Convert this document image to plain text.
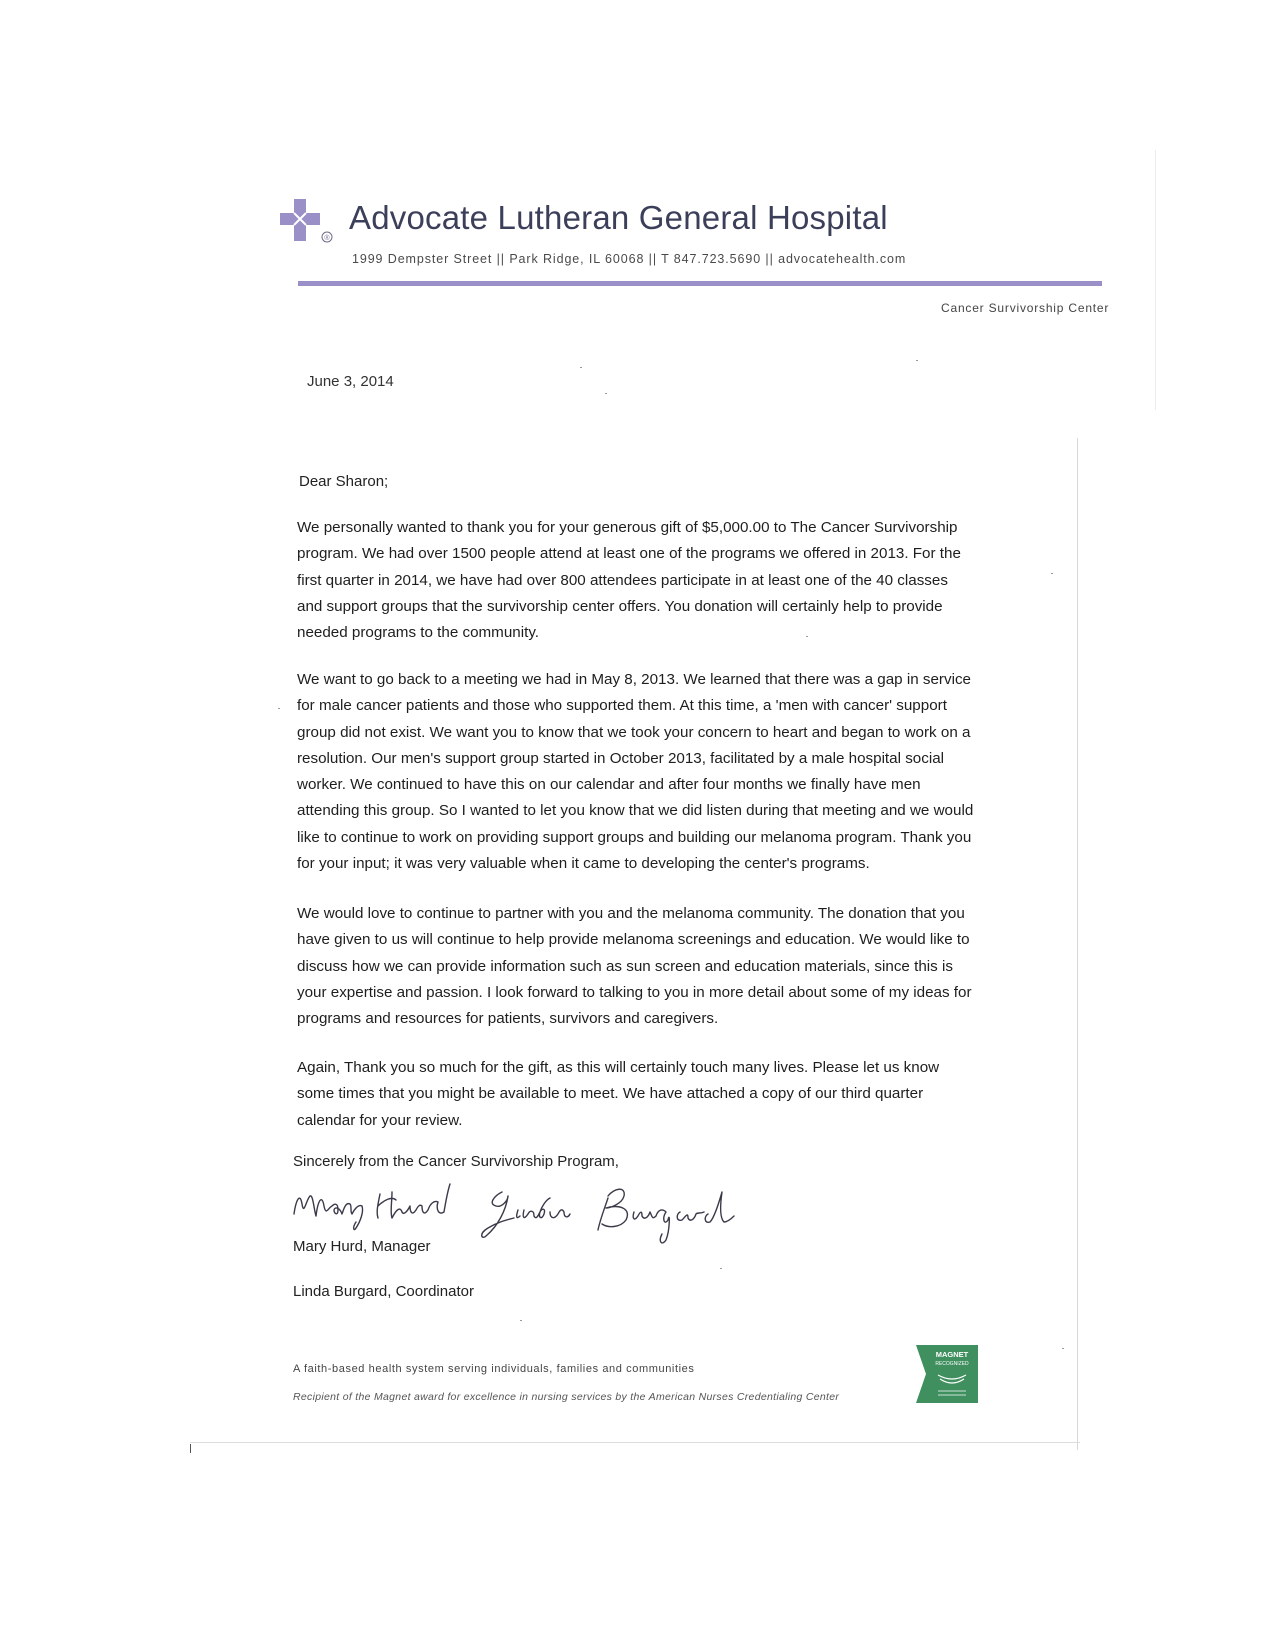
®
Advocate Lutheran General Hospital
1999 Dempster Street || Park Ridge, IL 60068 || T 847.723.5690 || advocatehealth.com
Cancer Survivorship Center
June 3, 2014
Dear Sharon;

We personally wanted to thank you for your generous gift of $5,000.00 to The Cancer Survivorship program. We had over 1500 people attend at least one of the programs we offered in 2013. For the first quarter in 2014, we have had over 800 attendees participate in at least one of the 40 classes and support groups that the survivorship center offers. You donation will certainly help to provide needed programs to the community.

We want to go back to a meeting we had in May 8, 2013. We learned that there was a gap in service for male cancer patients and those who supported them. At this time, a 'men with cancer' support group did not exist. We want you to know that we took your concern to heart and began to work on a resolution. Our men's support group started in October 2013, facilitated by a male hospital social worker. We continued to have this on our calendar and after four months we finally have men attending this group. So I wanted to let you know that we did listen during that meeting and we would like to continue to work on providing support groups and building our melanoma program. Thank you for your input; it was very valuable when it came to developing the center's programs.

We would love to continue to partner with you and the melanoma community. The donation that you have given to us will continue to help provide melanoma screenings and education. We would like to discuss how we can provide information such as sun screen and education materials, since this is your expertise and passion. I look forward to talking to you in more detail about some of my ideas for programs and resources for patients, survivors and caregivers.

Again, Thank you so much for the gift, as this will certainly touch many lives. Please let us know some times that you might be available to meet. We have attached a copy of our third quarter calendar for your review.

Sincerely from the Cancer Survivorship Program,
Mary Hurd, Manager
Linda Burgard, Coordinator
A faith-based health system serving individuals, families and communities
Recipient of the Magnet award for excellence in nursing services by the American Nurses Credentialing Center
MAGNET
RECOGNIZED
